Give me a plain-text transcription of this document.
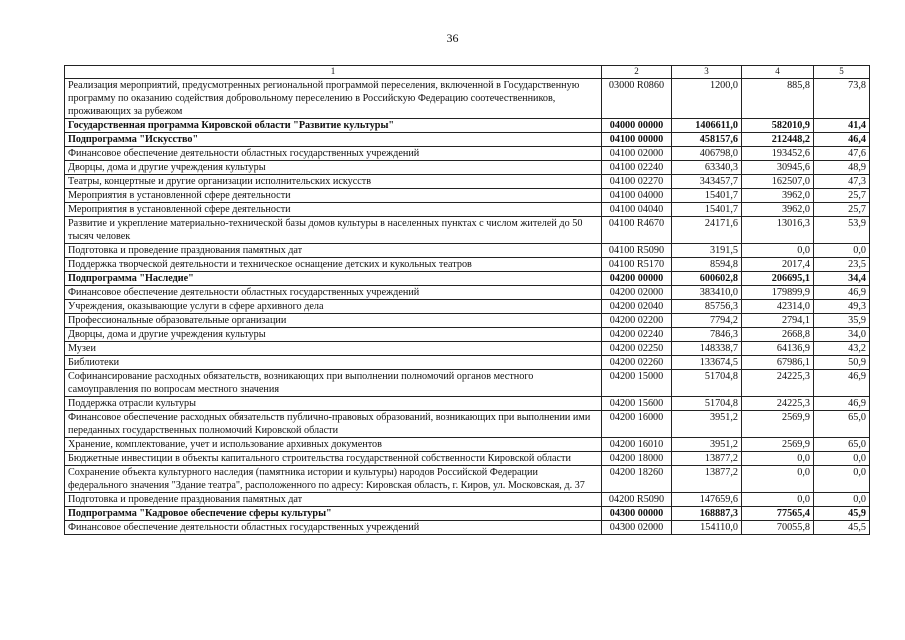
36
1	2	3	4	5
Реализация мероприятий, предусмотренных региональной программой переселения, включенной в Государственную программу по оказанию содействия добровольному переселению в Российскую Федерацию соотечественников, проживающих за рубежом	03000 R0860	1200,0	885,8	73,8
Государственная программа Кировской области "Развитие культуры"	04000 00000	1406611,0	582010,9	41,4
Подпрограмма "Искусство"	04100 00000	458157,6	212448,2	46,4
Финансовое обеспечение деятельности областных государственных учреждений	04100 02000	406798,0	193452,6	47,6
Дворцы, дома и другие учреждения культуры	04100 02240	63340,3	30945,6	48,9
Театры, концертные и другие организации исполнительских искусств	04100 02270	343457,7	162507,0	47,3
Мероприятия в установленной сфере деятельности	04100 04000	15401,7	3962,0	25,7
Мероприятия в установленной сфере деятельности	04100 04040	15401,7	3962,0	25,7
Развитие и укрепление материально-технической базы домов культуры в населенных пунктах с числом жителей до 50 тысяч человек	04100 R4670	24171,6	13016,3	53,9
Подготовка и проведение празднования памятных дат	04100 R5090	3191,5	0,0	0,0
Поддержка творческой деятельности и техническое оснащение детских и кукольных театров	04100 R5170	8594,8	2017,4	23,5
Подпрограмма "Наследие"	04200 00000	600602,8	206695,1	34,4
Финансовое обеспечение деятельности областных государственных учреждений	04200 02000	383410,0	179899,9	46,9
Учреждения, оказывающие услуги в сфере архивного дела	04200 02040	85756,3	42314,0	49,3
Профессиональные образовательные организации	04200 02200	7794,2	2794,1	35,9
Дворцы, дома и другие учреждения культуры	04200 02240	7846,3	2668,8	34,0
Музеи	04200 02250	148338,7	64136,9	43,2
Библиотеки	04200 02260	133674,5	67986,1	50,9
Софинансирование расходных обязательств, возникающих при выполнении полномочий органов местного самоуправления по вопросам местного значения	04200 15000	51704,8	24225,3	46,9
Поддержка отрасли культуры	04200 15600	51704,8	24225,3	46,9
Финансовое обеспечение расходных обязательств публично-правовых образований, возникающих при выполнении ими переданных государственных полномочий Кировской области	04200 16000	3951,2	2569,9	65,0
Хранение, комплектование, учет и использование архивных документов	04200 16010	3951,2	2569,9	65,0
Бюджетные инвестиции в объекты капитального строительства государственной собственности Кировской области	04200 18000	13877,2	0,0	0,0
Сохранение объекта культурного наследия (памятника истории и культуры) народов Российской Федерации федерального значения "Здание театра", расположенного по адресу: Кировская область, г. Киров, ул. Московская, д. 37	04200 18260	13877,2	0,0	0,0
Подготовка и проведение празднования памятных дат	04200 R5090	147659,6	0,0	0,0
Подпрограмма "Кадровое обеспечение сферы культуры"	04300 00000	168887,3	77565,4	45,9
Финансовое обеспечение деятельности областных государственных учреждений	04300 02000	154110,0	70055,8	45,5
